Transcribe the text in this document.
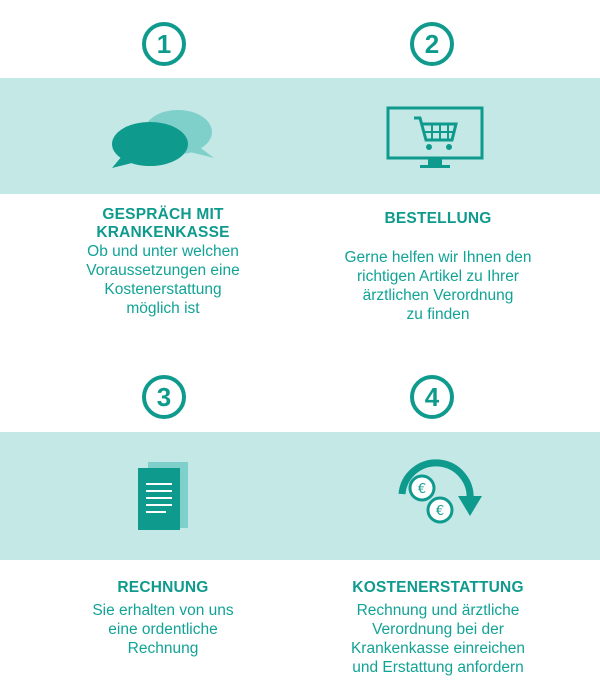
1
GESPRÄCH MIT
KRANKENKASSE
Ob und unter welchen
Voraussetzungen eine
Kostenerstattung
möglich ist
2
BESTELLUNG
Gerne helfen wir Ihnen den
richtigen Artikel zu Ihrer
ärztlichen Verordnung
zu finden
3
RECHNUNG
Sie erhalten von uns
eine ordentliche
Rechnung
4
€
€
KOSTENERSTATTUNG
Rechnung und ärztliche
Verordnung bei der
Krankenkasse einreichen
und Erstattung anfordern
